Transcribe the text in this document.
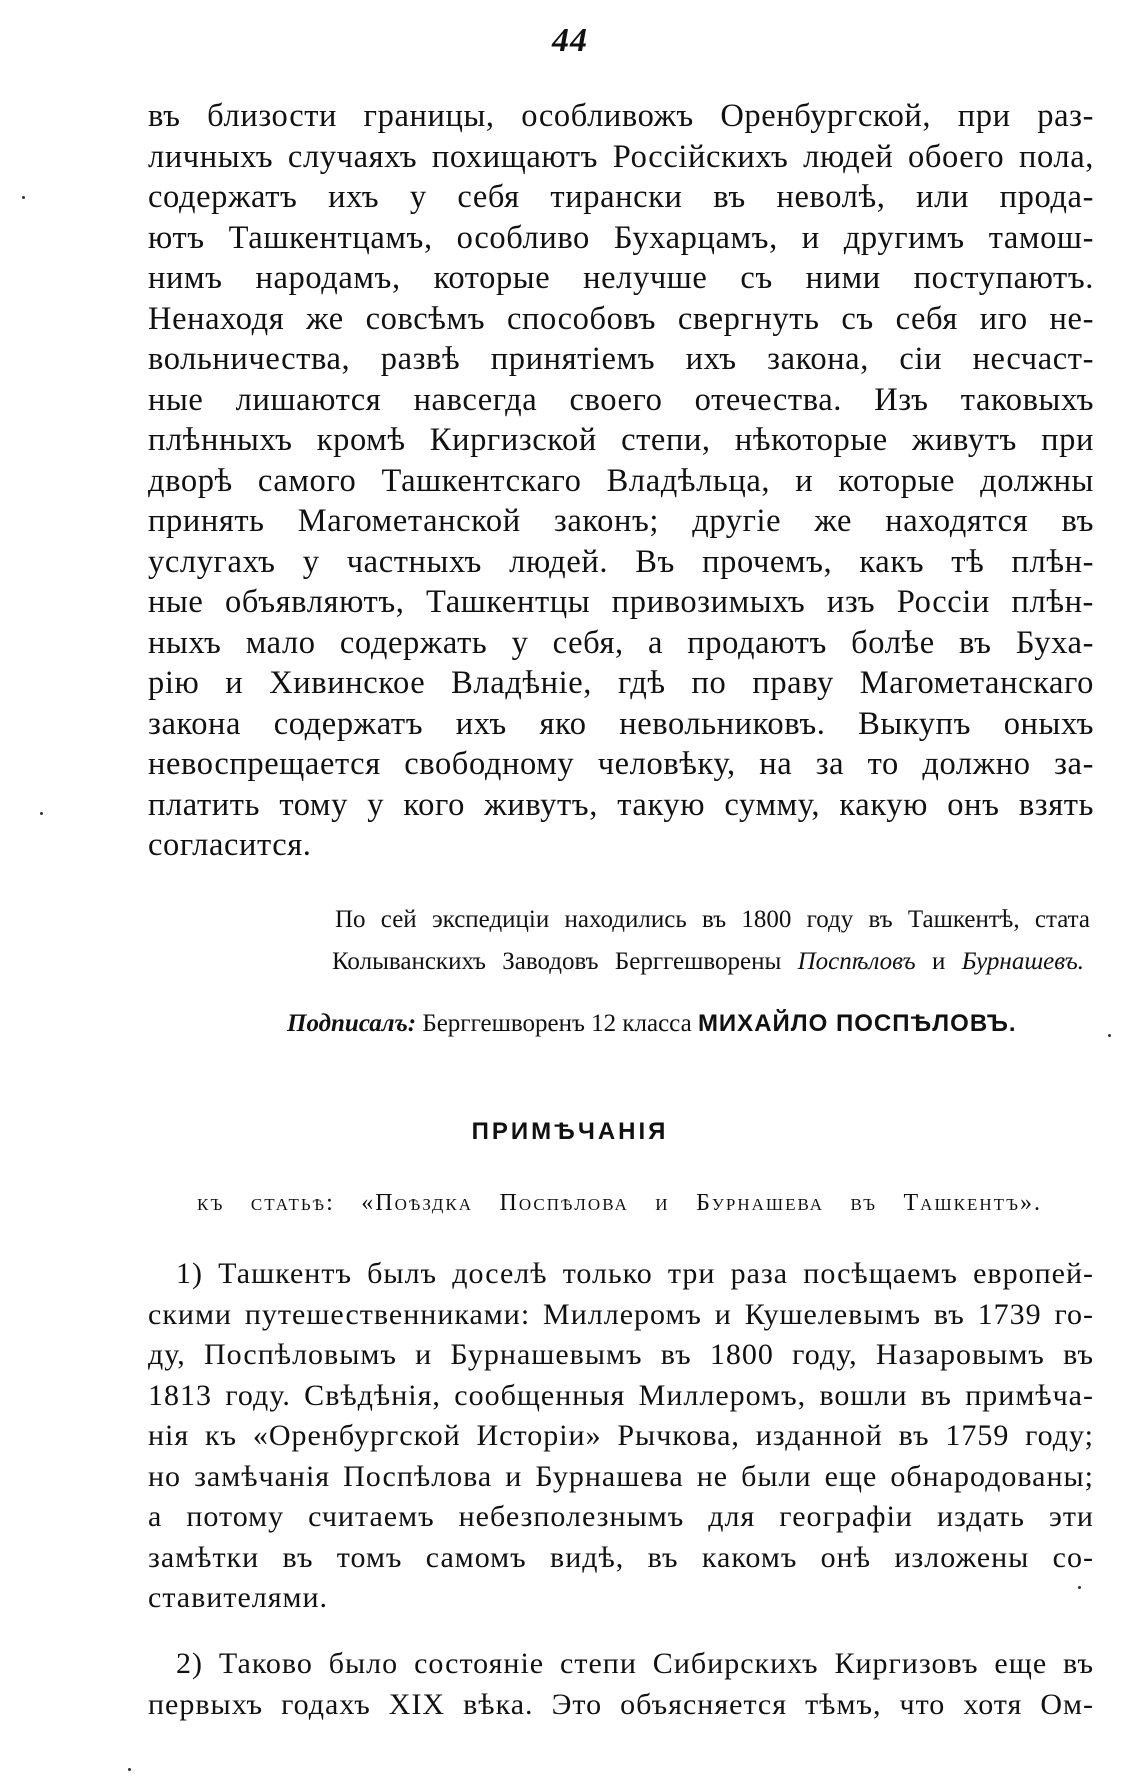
44
въ близости границы, особливожъ Оренбургской, при раз-
личныхъ случаяхъ похищаютъ Россійскихъ людей обоего пола,
содержатъ ихъ у себя тирански въ неволѣ, или прода-
ютъ Ташкентцамъ, особливо Бухарцамъ, и другимъ тамош-
нимъ народамъ, которые нелучше съ ними поступаютъ.
Ненаходя же совсѣмъ способовъ свергнуть съ себя иго не-
вольничества, развѣ принятіемъ ихъ закона, сіи несчаст-
ные лишаются навсегда своего отечества. Изъ таковыхъ
плѣнныхъ кромѣ Киргизской степи, нѣкоторые живутъ при
дворѣ самого Ташкентскаго Владѣльца, и которые должны
принять Магометанской законъ; другіе же находятся въ
услугахъ у частныхъ людей. Въ прочемъ, какъ тѣ плѣн-
ные объявляютъ, Ташкентцы привозимыхъ изъ Россіи плѣн-
ныхъ мало содержать у себя, а продаютъ болѣе въ Буха-
рію и Хивинское Владѣніе, гдѣ по праву Магометанскаго
закона содержатъ ихъ яко невольниковъ. Выкупъ оныхъ
невоспрещается свободному человѣку, на за то должно за-
платить тому у кого живутъ, такую сумму, какую онъ взять
согласится.
По сей экспедиціи находились въ 1800 году въ Ташкентѣ, стата
Колыванскихъ Заводовъ Берггешворены Поспѣловъ и Бурнашевъ.
Подписалъ: Берггешворенъ 12 класса МИХАЙЛО ПОСПѢЛОВЪ.
ПРИМѢЧАНІЯ
къ статьѣ: «Поѣздка Поспѣлова и Бурнашева въ Ташкентъ».
1) Ташкентъ былъ доселѣ только три раза посѣщаемъ европей-
скими путешественниками: Миллеромъ и Кушелевымъ въ 1739 го-
ду, Поспѣловымъ и Бурнашевымъ въ 1800 году, Назаровымъ въ
1813 году. Свѣдѣнія, сообщенныя Миллеромъ, вошли въ примѣча-
нія къ «Оренбургской Исторіи» Рычкова, изданной въ 1759 году;
но замѣчанія Поспѣлова и Бурнашева не были еще обнародованы;
а потому считаемъ небезполезнымъ для географіи издать эти
замѣтки въ томъ самомъ видѣ, въ какомъ онѣ изложены со-
ставителями.
2) Таково было состояніе степи Сибирскихъ Киргизовъ еще въ
первыхъ годахъ XIX вѣка. Это объясняется тѣмъ, что хотя Ом-
